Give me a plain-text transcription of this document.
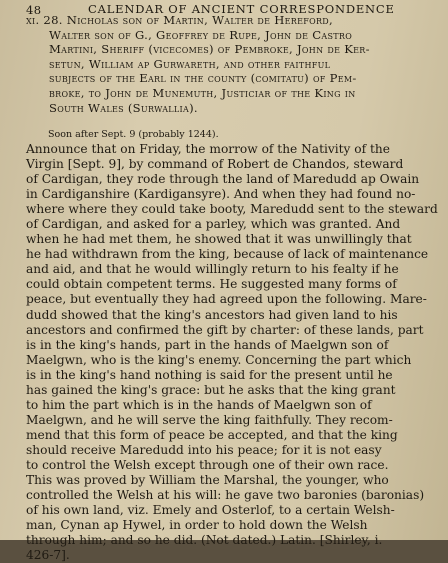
48	CALENDAR OF ANCIENT CORRESPONDENCE
xi. 28. Nicholas son of Martin, Walter de Hereford,
Walter son of G., Geoffrey de Rupe, John de Castro
Martini, Sheriff (vicecomes) of Pembroke, John de Ker-
setun, William ap Gurwareth, and other faithful
subjects of the Earl in the county (comitatu) of Pem-
broke, to John de Munemuth, Justiciar of the King in
South Wales (Surwallia).
Soon after Sept. 9 (probably 1244).
Announce that on Friday, the morrow of the Nativity of the
Virgin [Sept. 9], by command of Robert de Chandos, steward
of Cardigan, they rode through the land of Maredudd ap Owain
in Cardiganshire (Kardigansyre). And when they had found no-
where where they could take booty, Maredudd sent to the steward
of Cardigan, and asked for a parley, which was granted. And
when he had met them, he showed that it was unwillingly that
he had withdrawn from the king, because of lack of maintenance
and aid, and that he would willingly return to his fealty if he
could obtain competent terms. He suggested many forms of
peace, but eventually they had agreed upon the following. Mare-
dudd showed that the king's ancestors had given land to his
ancestors and confirmed the gift by charter: of these lands, part
is in the king's hands, part in the hands of Maelgwn son of
Maelgwn, who is the king's enemy. Concerning the part which
is in the king's hand nothing is said for the present until he
has gained the king's grace: but he asks that the king grant
to him the part which is in the hands of Maelgwn son of
Maelgwn, and he will serve the king faithfully. They recom-
mend that this form of peace be accepted, and that the king
should receive Maredudd into his peace; for it is not easy
to control the Welsh except through one of their own race.
This was proved by William the Marshal, the younger, who
controlled the Welsh at his will: he gave two baronies (baronias)
of his own land, viz. Emely and Osterlof, to a certain Welsh-
man, Cynan ap Hywel, in order to hold down the Welsh
through him; and so he did. (Not dated.) Latin. [Shirley, i.
426-7].
